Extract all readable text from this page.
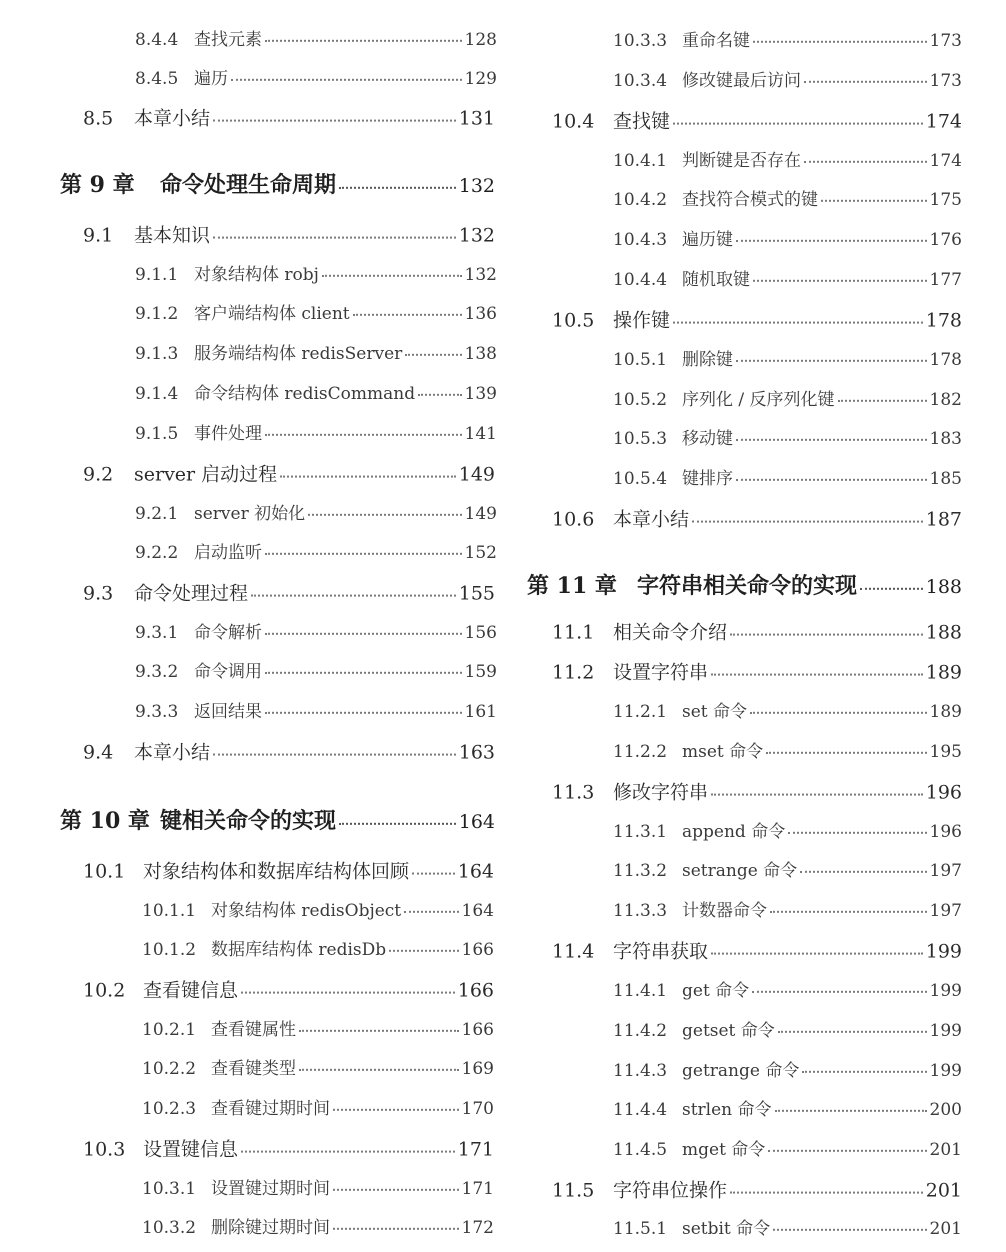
8.4.4 查找元素	128
8.4.5 遍历	129
8.5	本章小结	131
第 9 章	命令处理生命周期	132
9.1	基本知识	132
9.1.1 对象结构体 robj	132
9.1.2 客户端结构体 client	136
9.1.3 服务端结构体 redisServer	138
9.1.4 命令结构体 redisCommand	139
9.1.5 事件处理	141
9.2	server 启动过程	149
9.2.1 server 初始化	149
9.2.2 启动监听	152
9.3	命令处理过程	155
9.3.1 命令解析	156
9.3.2 命令调用	159
9.3.3 返回结果	161
9.4	本章小结	163
第 10 章 键相关命令的实现	164
10.1 对象结构体和数据库结构体回顾	164
10.1.1 对象结构体 redisObject	164
10.1.2 数据库结构体 redisDb	166
10.2 查看键信息	166
10.2.1 查看键属性	166
10.2.2 查看键类型	169
10.2.3 查看键过期时间	170
10.3 设置键信息	171
10.3.1 设置键过期时间	171
10.3.2 删除键过期时间	172
10.3.3 重命名键	173
10.3.4 修改键最后访问	173
10.4 查找键	174
10.4.1 判断键是否存在	174
10.4.2 查找符合模式的键	175
10.4.3 遍历键	176
10.4.4 随机取键	177
10.5 操作键	178
10.5.1 删除键	178
10.5.2 序列化 / 反序列化键	182
10.5.3 移动键	183
10.5.4 键排序	185
10.6 本章小结	187
第 11 章 字符串相关命令的实现	188
11.1 相关命令介绍	188
11.2 设置字符串	189
11.2.1 set 命令	189
11.2.2 mset 命令	195
11.3 修改字符串	196
11.3.1 append 命令	196
11.3.2 setrange 命令	197
11.3.3 计数器命令	197
11.4 字符串获取	199
11.4.1 get 命令	199
11.4.2 getset 命令	199
11.4.3 getrange 命令	199
11.4.4 strlen 命令	200
11.4.5 mget 命令	201
11.5 字符串位操作	201
11.5.1 setbit 命令	201
